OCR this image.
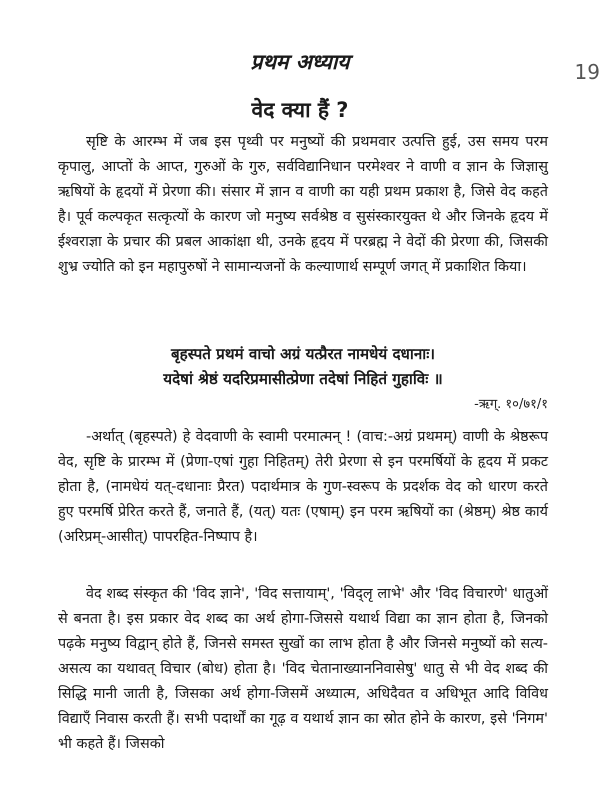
19
प्रथम अध्याय
वेद क्या हैं ?

सृष्टि के आरम्भ में जब इस पृथ्वी पर मनुष्यों की प्रथमवार उत्पत्ति हुई, उस समय परम कृपालु, आप्तों के आप्त, गुरुओं के गुरु, सर्वविद्यानिधान परमेश्वर ने वाणी व ज्ञान के जिज्ञासु ऋषियों के हृदयों में प्रेरणा की। संसार में ज्ञान व वाणी का यही प्रथम प्रकाश है, जिसे वेद कहते है। पूर्व कल्पकृत सत्कृत्यों के कारण जो मनुष्य सर्वश्रेष्ठ व सुसंस्कारयुक्त थे और जिनके हृदय में ईश्वराज्ञा के प्रचार की प्रबल आकांक्षा थी, उनके हृदय में परब्रह्म ने वेदों की प्रेरणा की, जिसकी शुभ्र ज्योति को इन महापुरुषों ने सामान्यजनों के कल्याणार्थ सम्पूर्ण जगत् में प्रकाशित किया।

बृहस्पते प्रथमं वाचो अग्रं यत्प्रैरत नामधेयं दधानाः।
यदेषां श्रेष्ठं यदरिप्रमासीत्प्रेणा तदेषां निहितं गुहाविः ॥
-ऋग्. १०/७१/१

-अर्थात् (बृहस्पते) हे वेदवाणी के स्वामी परमात्मन् ! (वाच:-अग्रं प्रथमम्) वाणी के श्रेष्ठरूप वेद, सृष्टि के प्रारम्भ में (प्रेणा-एषां गुहा निहितम्) तेरी प्रेरणा से इन परमर्षियों के हृदय में प्रकट होता है, (नामधेयं यत्-दधानाः प्रैरत) पदार्थमात्र के गुण-स्वरूप के प्रदर्शक वेद को धारण करते हुए परमर्षि प्रेरित करते हैं, जनाते हैं, (यत्) यतः (एषाम्) इन परम ऋषियों का (श्रेष्ठम्) श्रेष्ठ कार्य (अरिप्रम्-आसीत्) पापरहित-निष्पाप है।

वेद शब्द संस्कृत की 'विद ज्ञाने', 'विद सत्तायाम्', 'विद्लृ लाभे' और 'विद विचारणे' धातुओं से बनता है। इस प्रकार वेद शब्द का अर्थ होगा-जिससे यथार्थ विद्या का ज्ञान होता है, जिनको पढ़के मनुष्य विद्वान् होते हैं, जिनसे समस्त सुखों का लाभ होता है और जिनसे मनुष्यों को सत्य- असत्य का यथावत् विचार (बोध) होता है। 'विद चेतानाख्याननिवासेषु' धातु से भी वेद शब्द की सिद्धि मानी जाती है, जिसका अर्थ होगा-जिसमें अध्यात्म, अधिदैवत व अधिभूत आदि विविध विद्याएँ निवास करती हैं। सभी पदार्थों का गूढ़ व यथार्थ ज्ञान का स्रोत होने के कारण, इसे 'निगम' भी कहते हैं। जिसको
